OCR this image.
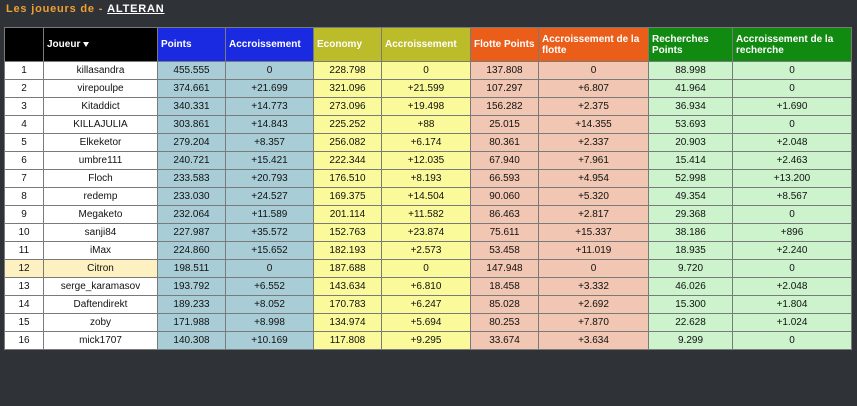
Les joueurs de - ALTERAN
	Joueur	Points	Accroissement	Economy	Accroissement	Flotte Points	Accroissement de la flotte	Recherches Points	Accroissement de la recherche
1	killasandra	455.555	0	228.798	0	137.808	0	88.998	0
2	virepoulpe	374.661	+21.699	321.096	+21.599	107.297	+6.807	41.964	0
3	Kitaddict	340.331	+14.773	273.096	+19.498	156.282	+2.375	36.934	+1.690
4	KILLAJULIA	303.861	+14.843	225.252	+88	25.015	+14.355	53.693	0
5	Elkeketor	279.204	+8.357	256.082	+6.174	80.361	+2.337	20.903	+2.048
6	umbre111	240.721	+15.421	222.344	+12.035	67.940	+7.961	15.414	+2.463
7	Floch	233.583	+20.793	176.510	+8.193	66.593	+4.954	52.998	+13.200
8	redemp	233.030	+24.527	169.375	+14.504	90.060	+5.320	49.354	+8.567
9	Megaketo	232.064	+11.589	201.114	+11.582	86.463	+2.817	29.368	0
10	sanji84	227.987	+35.572	152.763	+23.874	75.611	+15.337	38.186	+896
11	iMax	224.860	+15.652	182.193	+2.573	53.458	+11.019	18.935	+2.240
12	Citron	198.511	0	187.688	0	147.948	0	9.720	0
13	serge_karamasov	193.792	+6.552	143.634	+6.810	18.458	+3.332	46.026	+2.048
14	Daftendirekt	189.233	+8.052	170.783	+6.247	85.028	+2.692	15.300	+1.804
15	zoby	171.988	+8.998	134.974	+5.694	80.253	+7.870	22.628	+1.024
16	mick1707	140.308	+10.169	117.808	+9.295	33.674	+3.634	9.299	0
